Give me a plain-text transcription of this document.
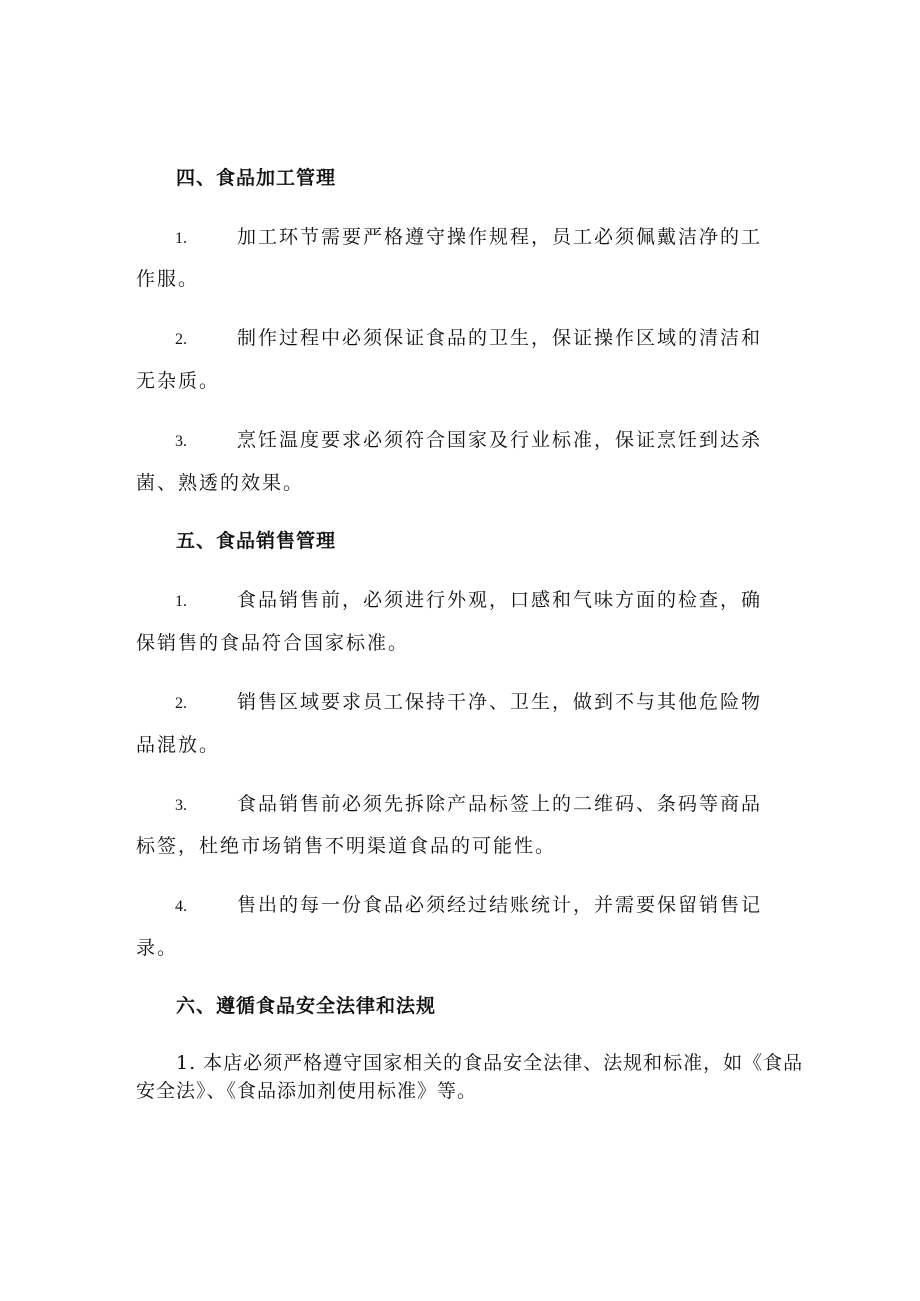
四、食品加工管理
1.	加工环节需要严格遵守操作规程，员工必须佩戴洁净的工
作服。
2.	制作过程中必须保证食品的卫生，保证操作区域的清洁和
无杂质。
3.	烹饪温度要求必须符合国家及行业标准，保证烹饪到达杀
菌、熟透的效果。
五、食品销售管理
1.	食品销售前，必须进行外观，口感和气味方面的检查，确
保销售的食品符合国家标准。
2.	销售区域要求员工保持干净、卫生，做到不与其他危险物
品混放。
3.	食品销售前必须先拆除产品标签上的二维码、条码等商品
标签，杜绝市场销售不明渠道食品的可能性。
4.	售出的每一份食品必须经过结账统计，并需要保留销售记
录。
六、遵循食品安全法律和法规
1. 本店必须严格遵守国家相关的食品安全法律、法规和标准，如《食品
安全法》、《食品添加剂使用标准》等。
